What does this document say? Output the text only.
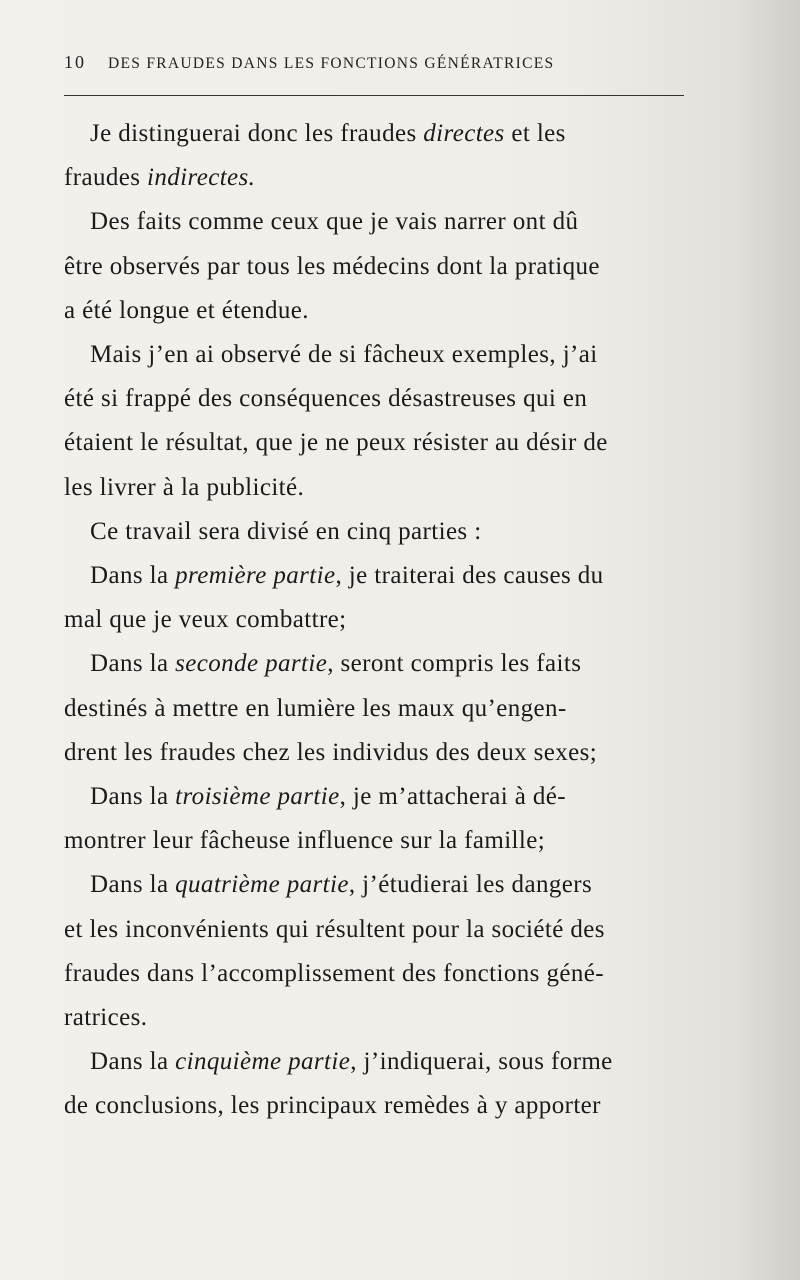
10 DES FRAUDES DANS LES FONCTIONS GÉNÉRATRICES
Je distinguerai donc les fraudes directes et les
fraudes indirectes.
Des faits comme ceux que je vais narrer ont dû
être observés par tous les médecins dont la pratique
a été longue et étendue.
Mais j’en ai observé de si fâcheux exemples, j’ai
été si frappé des conséquences désastreuses qui en
étaient le résultat, que je ne peux résister au désir de
les livrer à la publicité.
Ce travail sera divisé en cinq parties :
Dans la première partie, je traiterai des causes du
mal que je veux combattre;
Dans la seconde partie, seront compris les faits
destinés à mettre en lumière les maux qu’engen-
drent les fraudes chez les individus des deux sexes;
Dans la troisième partie, je m’attacherai à dé-
montrer leur fâcheuse influence sur la famille;
Dans la quatrième partie, j’étudierai les dangers
et les inconvénients qui résultent pour la société des
fraudes dans l’accomplissement des fonctions géné-
ratrices.
Dans la cinquième partie, j’indiquerai, sous forme
de conclusions, les principaux remèdes à y apporter
